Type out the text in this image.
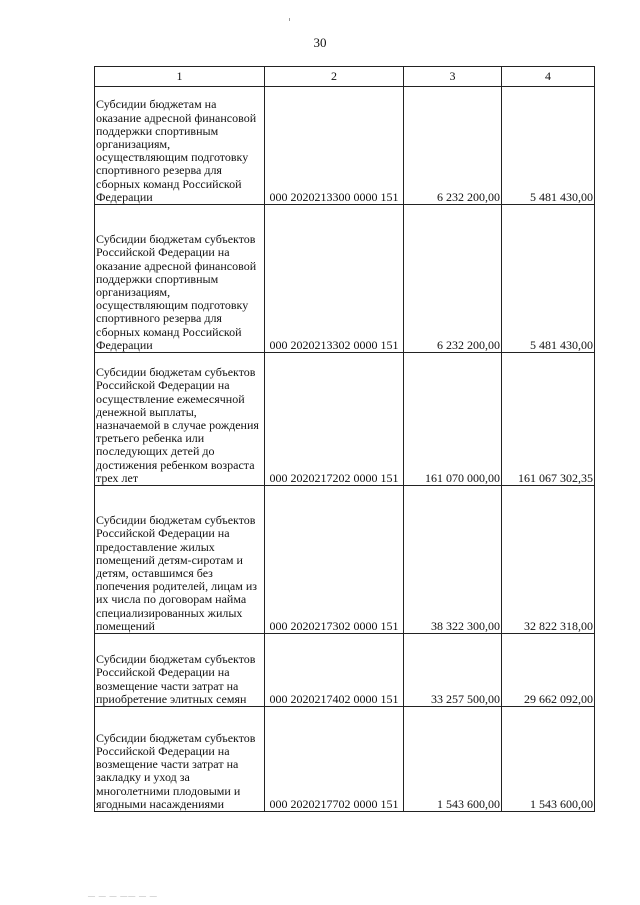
30
1	2	3	4
Субсидии бюджетам на оказание адресной финансовой поддержки спортивным организациям, осуществляющим подготовку спортивного резерва для сборных команд Российской Федерации	000 2020213300 0000 151	6 232 200,00	5 481 430,00
Субсидии бюджетам субъектов Российской Федерации на оказание адресной финансовой поддержки спортивным организациям, осуществляющим подготовку спортивного резерва для сборных команд Российской Федерации	000 2020213302 0000 151	6 232 200,00	5 481 430,00
Субсидии бюджетам субъектов Российской Федерации на осуществление ежемесячной денежной выплаты, назначаемой в случае рождения третьего ребенка или последующих детей до достижения ребенком возраста трех лет	000 2020217202 0000 151	161 070 000,00	161 067 302,35
Субсидии бюджетам субъектов Российской Федерации на предоставление жилых помещений детям-сиротам и детям, оставшимся без попечения родителей, лицам из их числа по договорам найма специализированных жилых помещений	000 2020217302 0000 151	38 322 300,00	32 822 318,00
Субсидии бюджетам субъектов Российской Федерации на возмещение части затрат на приобретение элитных семян	000 2020217402 0000 151	33 257 500,00	29 662 092,00
Субсидии бюджетам субъектов Российской Федерации на возмещение части затрат на закладку и уход за многолетними плодовыми и ягодными насаждениями	000 2020217702 0000 151	1 543 600,00	1 543 600,00
— — — —— — —
